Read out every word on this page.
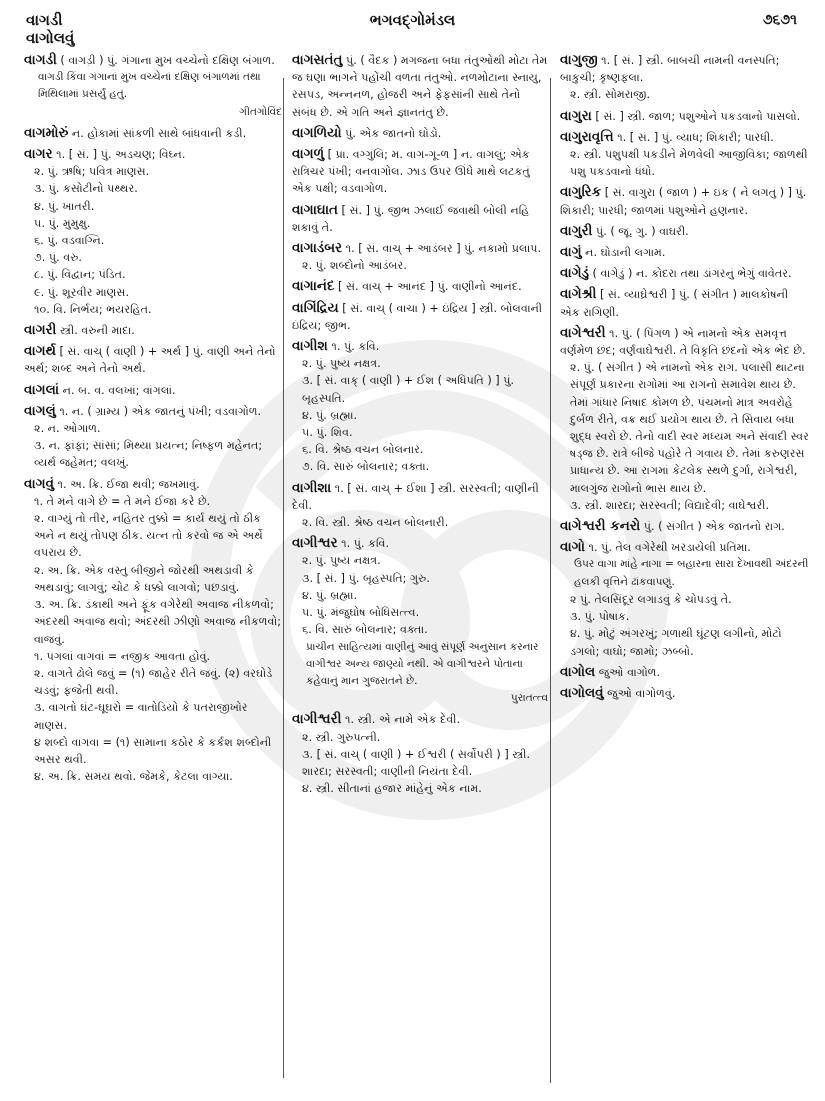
વાગડી
વાગોલવું
ભગવદ્ગોમંડલ	૭૬૭૧

વાગડી ( વાગડ઼ી ) પું. ગંગાના મુખ વચ્ચેનો દક્ષિણ બંગાળ.

વાગડી કિંવા ગંગાનાં મુખ વચ્ચેનાં દક્ષિણ બંગાળમાં તથા મિથિલામાં પ્રસર્યું હતું.
ગીતગોવિંદ

વાગમોરું ન. હોકામાં સાંકળી સાથે બાંધવાની કડી.

વાગર ૧. [ સં. ] પું. અડચણ; વિઘ્ન.

૨. પું. ઋષિ; પવિત્ર માણસ.
૩. પું. કસોટીનો પથ્થર.
૪. પું. ખાતરી.
૫. પું. મુમુક્ષુ.
૬. પું. વડવાગ્નિ.
૭. પું. વરુ.
૮. પું. વિદ્વાન; પંડિત.
૯. પું. શૂરવીર માણસ.
૧૦. વિ. નિર્ભય; ભયરહિત.

વાગરી સ્ત્રી. વરુની માદા.

વાગર્થ [ સં. વાચ્ ( વાણી ) + અર્થ ] પું. વાણી અને તેનો અર્થ; શબ્દ અને તેનો અર્થ.

વાગલાં ન. બ. વ. વલખાં; વાંગલાં.

વાગલું ૧. ન. ( ગ્રામ્ય ) એક જાતનું પંખી; વડવાગોળ.

૨. ન. ઓગાળ.
૩. ન. ફાંફાં; સાંસાં; મિથ્યા પ્રયત્ન; નિષ્ફળ મહેનત; વ્યર્થ જહેમત; વલખું.

વાગવું ૧. અ. ક્રિ. ઈજા થવી; જખમાવું.

૧. તે મને વાગે છે = તે મને ઈજા કરે છે.
૨. વાગ્યું તો તીર, નહિતર તુક્કો = કાર્ય થયું તો ઠીક અને ન થયું તોપણ ઠીક. યત્ન તો કરવો જ એ અર્થે વપરાય છે.
૨. અ. ક્રિ. એક વસ્તુ બીજીને જોરથી અથડાવી કે અથડાવું; લાગવું; ચોટ કે ધક્કો લાગવો; પછડાવું.
૩. અ. ક્રિ. ડંકાથી અને ફૂંક વગેરેથી અવાજ નીકળવો; અંદરથી અવાજ થવો; અંદરથી ઝીણો અવાજ નીકળવો; વાજવું.
૧. પગલાં વાગવાં = નજીક આવતા હોવું.
૨. વાગતે ઢોલે જવું = (૧) જાહેર રીતે જવું. (૨) વરઘોડે ચડવું; ફજેતી થવી.
૩. વાગતો ઘંટ-ઘૂઘરો = વાતોડિયો કે પતરાજીખોર માણસ.
૪ શબ્દો વાગવા = (૧) સામાના કઠોર કે કર્કશ શબ્દોની અસર થવી.
૪. અ. ક્રિ. સમય થવો. જેમકે, કેટલા વાગ્યા.

વાગસતંતુ પું. ( વૈદક ) મગજના બધા તંતુઓથી મોટા તેમ જ ઘણા ભાગને પહોંચી વળતા તંતુઓ. નળમોટાના સ્નાયુ, રસપડ, અન્નનળ, હોજરી અને ફેફસાંની સાથે તેનો સંબંધ છે. એ ગતિ અને જ્ઞાનતંતુ છે.

વાગળિયો પું. એક જાતનો ઘોડો.

વાગળું [ પ્રા. વગ્ગુલિ; મ. વાગ-ગૂ-ળ ] ન. વાગલું; એક રાત્રિચર પંખી; વનવાગોલ. ઝાડ ઉપર ઊંધે માથે લટકતું એક પક્ષી; વડવાગોળ.

વાગાઘાત [ સં. ] પું. જીભ ઝલાઈ જવાથી બોલી નહિ શકાવું તે.

વાગાડંબર ૧. [ સં. વાચ્ + આડંબર ] પું. નકામો પ્રલાપ.

૨. પું. શબ્દોનો આડંબર.

વાગાનંદ [ સં. વાચ્ + આનંદ ] પું. વાણીનો આનંદ.

વાગિંદ્રિય [ સં. વાચ્ ( વાચા ) + ઇંદ્રિય ] સ્ત્રી. બોલવાની ઇંદ્રિય; જીભ.

વાગીશ ૧. પું. કવિ.

૨. પું. પુષ્ય નક્ષત્ર.
૩. [ સં. વાક્ ( વાણી ) + ઈશ ( અધિપતિ ) ] પું. બૃહસ્પતિ.
૪. પું. બ્રહ્મા.
૫. પું. શિવ.
૬. વિ. શ્રેષ્ઠ વચન બોલનાર.
૭. વિ. સારું બોલનાર; વક્તા.

વાગીશા ૧. [ સં. વાચ્ + ઈશા ] સ્ત્રી. સરસ્વતી; વાણીની દેવી.

૨. વિ. સ્ત્રી. શ્રેષ્ઠ વચન બોલનારી.

વાગીશ્વર ૧. પું. કવિ.

૨. પું. પુષ્ય નક્ષત્ર.
૩. [ સં. ] પું. બૃહસ્પતિ; ગુરુ.
૪. પું. બ્રહ્મા.
૫. પું. મંજુઘોષ બોધિસત્ત્વ.
૬. વિ. સારું બોલનાર; વક્તા.
પ્રાચીન સાહિત્યમાં વાણીનું આવું સંપૂર્ણ અનુસાન કરનાર વાગીશ્વર અન્ય જાણ્યો નથી. એ વાગીશ્વરને પોતાના કહેવાનું માન ગુજરાતને છે.
પુરાતત્ત્વ

વાગીશ્વરી ૧. સ્ત્રી. એ નામે એક દેવી.

૨. સ્ત્રી. ગુરુપત્ની.
૩. [ સં. વાચ્ ( વાણી ) + ઈશ્વરી ( સર્વોપરી ) ] સ્ત્રી. શારદા; સરસ્વતી; વાણીની નિયંતા દેવી.
૪. સ્ત્રી. સીતાનાં હજાર માંહેનું એક નામ.

વાગુજી ૧. [ સં. ] સ્ત્રી. બાબચી નામની વનસ્પતિ; બાકુચી; કૃષ્ણફલા.

૨. સ્ત્રી. સોમરાજી.

વાગુરા [ સં. ] સ્ત્રી. જાળ; પશુઓને પકડવાનો પાસલો.

વાગુરાવૃત્તિ ૧. [ સં. ] પું. વ્યાધ; શિકારી; પારધી.

૨. સ્ત્રી. પશુપક્ષી પકડીને મેળવેલી આજીવિકા; જાળથી પશુ પકડવાનો ધંધો.

વાગુરિક [ સં. વાગુરા ( જાળ ) + ઇક ( ને લગતું ) ] પું. શિકારી; પારધી; જાળમાં પશુઓને હણનાર.

વાગુરી પું. ( જૂ. ગુ. ) વાઘરી.

વાગું ન. ઘોડાની લગામ.

વાગેડું ( વાગેડું ) ન. કોદરા તથા ડાંગરનું ભેગું વાવેતર.

વાગેશ્રી [ સં. વ્યાઘ્રેશ્વરી ] પું. ( સંગીત ) માલકોષની એક રાગિણી.

વાગેશ્વરી ૧. પું. ( પિંગળ ) એ નામનો એક સમવૃત્ત વર્ણમેળ છંદ; વર્ણવાઘેશ્વરી. તે વિકૃતિ છંદનો એક ભેદ છે.

૨. પું. ( સંગીત ) એ નામનો એક રાગ. પલાસી થાટના સંપૂર્ણ પ્રકારના રાગોમાં આ રાગનો સમાવેશ થાય છે. તેમાં ગાંધાર નિષાદ કોમળ છે. પંચમનો માત્ર અવરોહે દુર્બળ રીતે, વક્ર થઈ પ્રયોગ થાય છે. તે સિવાય બધા શુદ્ધ સ્વરો છે. તેનો વાદી સ્વર મધ્યમ અને સંવાદી સ્વર ષડ્જ છે. રાત્રે બીજે પહોરે તે ગવાય છે. તેમાં કરુણરસ પ્રાધાન્ય છે. આ રાગમાં કેટલેક સ્થળે દુર્ગા, રાગેશ્વરી, માલગુંજ રાગોનો ભાસ થાય છે.
૩. સ્ત્રી. શારદા; સરસ્વતી; વિદ્યાદેવી; વાઘેશ્વરી.

વાગેશ્વરી કનરો પું. ( સંગીત ) એક જાતનો રાગ.

વાગો ૧. પું. તેલ વગેરેથી ખરડાયેલી પ્રતિમા.

ઉપર વાગા માંહે નાગા = બહારના સારા દેખાવથી અંદરની હલકી વૃત્તિને ઢાંકવાપણું.
૨ પું. તેલસિંદૂર લગાડવું કે ચોપડવું તે.
૩. પું. પોષાક.
૪. પું. મોટું અંગરખું; ગળાથી ઘૂંટણ લગીનો, મોટો ડગલો; વાઘો; જામો; ઝબ્બો.

વાગોલ જુઓ વાગોળ.

વાગોલવું જુઓ વાગોળવું.
